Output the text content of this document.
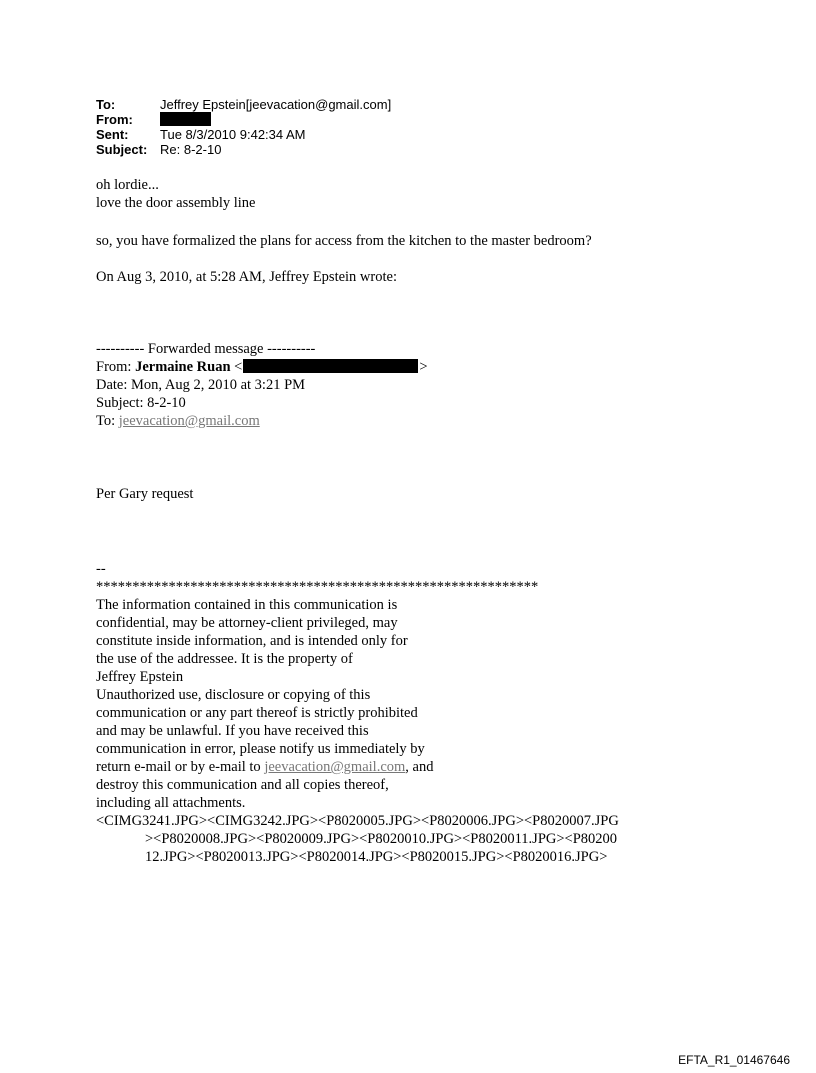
To:	Jeffrey Epstein[jeevacation@gmail.com]
From:
Sent:	Tue 8/3/2010 9:42:34 AM
Subject: Re: 8-2-10
oh lordie...
love the door assembly line
so, you have formalized the plans for access from the kitchen to the master bedroom?
On Aug 3, 2010, at 5:28 AM, Jeffrey Epstein wrote:
---------- Forwarded message ----------
From: Jermaine Ruan <	>
Date: Mon, Aug 2, 2010 at 3:21 PM
Subject: 8-2-10
To: jeevacation@gmail.com
Per Gary request
--
*************************************************************
The information contained in this communication is
confidential, may be attorney-client privileged, may
constitute inside information, and is intended only for
the use of the addressee. It is the property of
Jeffrey Epstein
Unauthorized use, disclosure or copying of this
communication or any part thereof is strictly prohibited
and may be unlawful. If you have received this
communication in error, please notify us immediately by
return e-mail or by e-mail to jeevacation@gmail.com, and
destroy this communication and all copies thereof,
including all attachments.
<CIMG3241.JPG><CIMG3242.JPG><P8020005.JPG><P8020006.JPG><P8020007.JPG
><P8020008.JPG><P8020009.JPG><P8020010.JPG><P8020011.JPG><P80200
12.JPG><P8020013.JPG><P8020014.JPG><P8020015.JPG><P8020016.JPG>
EFTA_R1_01467646
